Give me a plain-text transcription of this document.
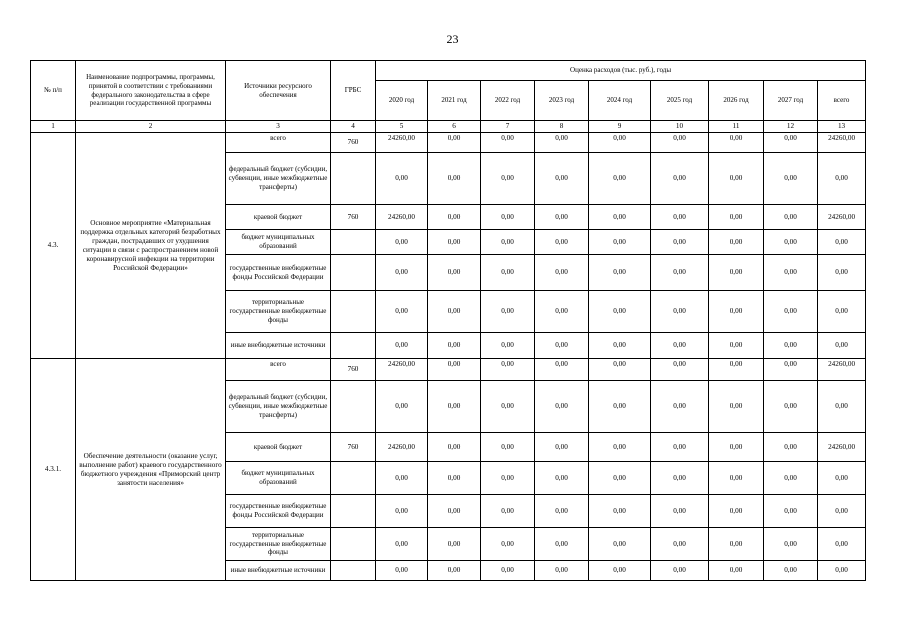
23
№ п/п	Наименование подпрограммы, программы, принятой в соответствии с требованиями федерального законодательства в сфере реализации государственной программы	Источники ресурсного обеспечения	ГРБС	Оценка расходов (тыс. руб.), годы								
				2020 год	2021 год	2022 год	2023 год	2024 год	2025 год	2026 год	2027 год	всего
1	2	3	4	5	6	7	8	9	10	11	12	13
4.3.	Основное мероприятие «Материальная поддержка отдельных категорий безработных граждан, пострадавших от ухудшения ситуации в связи с распространением новой коронавирусной инфекции на территории Российской Федерации»	всего	760	24260,00	0,00	0,00	0,00	0,00	0,00	0,00	0,00	24260,00
		федеральный бюджет (субсидии, субвенции, иные межбюджетные трансферты)		0,00	0,00	0,00	0,00	0,00	0,00	0,00	0,00	0,00
		краевой бюджет	760	24260,00	0,00	0,00	0,00	0,00	0,00	0,00	0,00	24260,00
		бюджет муниципальных образований		0,00	0,00	0,00	0,00	0,00	0,00	0,00	0,00	0,00
		государственные внебюджетные фонды Российской Федерации		0,00	0,00	0,00	0,00	0,00	0,00	0,00	0,00	0,00
		территориальные государственные внебюджетные фонды		0,00	0,00	0,00	0,00	0,00	0,00	0,00	0,00	0,00
		иные внебюджетные источники		0,00	0,00	0,00	0,00	0,00	0,00	0,00	0,00	0,00
4.3.1.	Обеспечение деятельности (оказание услуг, выполнение работ) краевого государственного бюджетного учреждения «Приморский центр занятости населения»	всего	760	24260,00	0,00	0,00	0,00	0,00	0,00	0,00	0,00	24260,00
		федеральный бюджет (субсидии, субвенции, иные межбюджетные трансферты)		0,00	0,00	0,00	0,00	0,00	0,00	0,00	0,00	0,00
		краевой бюджет	760	24260,00	0,00	0,00	0,00	0,00	0,00	0,00	0,00	24260,00
		бюджет муниципальных образований		0,00	0,00	0,00	0,00	0,00	0,00	0,00	0,00	0,00
		государственные внебюджетные фонды Российской Федерации		0,00	0,00	0,00	0,00	0,00	0,00	0,00	0,00	0,00
		территориальные государственные внебюджетные фонды		0,00	0,00	0,00	0,00	0,00	0,00	0,00	0,00	0,00
		иные внебюджетные источники		0,00	0,00	0,00	0,00	0,00	0,00	0,00	0,00	0,00
